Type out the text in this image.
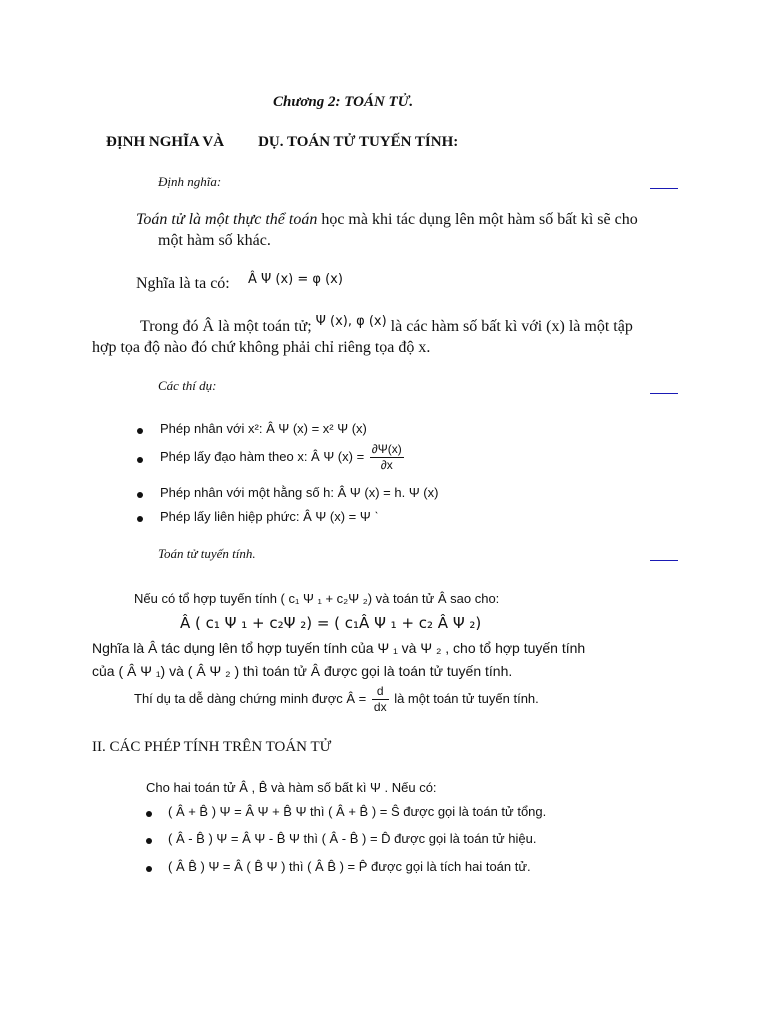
Chương 2: TOÁN TỬ.
ĐỊNH NGHĨA VÀ DỤ. TOÁN TỬ TUYẾN TÍNH:
Định nghĩa:
Toán tử là một thực thể toán học mà khi tác dụng lên một hàm số bất kì sẽ cho
một hàm số khác.
Nghĩa là ta có: Â Ψ (x) = φ (x)
Trong đó Â là một toán tử; $^{\Psi (x), \varphi (x)}$ là các hàm số bất kì với (x) là một tập
hợp tọa độ nào đó chứ không phải chỉ riêng tọa độ x.
Các thí dụ:
Phép nhân với x²: Â Ψ (x) = x² Ψ (x)
Phép lấy đạo hàm theo x: Â Ψ $(x) = \frac{\partial\Psi(x)}{\partial x}$
Phép nhân với một hằng số h: Â Ψ (x) = h. Ψ (x)
Phép lấy liên hiệp phức: Â Ψ (x) = Ψ ˋ
Toán tử tuyến tính.
Nếu có tổ hợp tuyến tính ( c₁ Ψ ₁ + c₂Ψ ₂) và toán tử Â sao cho:
Â ( c₁ Ψ ₁ + c₂Ψ ₂) = ( c₁Â Ψ ₁ + c₂ Â Ψ ₂)
Nghĩa là Â tác dụng lên tổ hợp tuyến tính của Ψ ₁ và Ψ ₂ , cho tổ hợp tuyến tính
của ( Â Ψ ₁) và ( Â Ψ ₂ ) thì toán tử Â được gọi là toán tử tuyến tính.
Thí dụ ta dễ dàng chứng minh được Â = $\frac{d}{dx}$ là một toán tử tuyến tính.
II. CÁC PHÉP TÍNH TRÊN TOÁN TỬ
Cho hai toán tử Â , B̂ và hàm số bất kì Ψ . Nếu có:
( Â + B̂ ) Ψ = Â Ψ + B̂ Ψ thì ( Â + B̂ ) = Ŝ được gọi là toán tử tổng.
( Â - B̂ ) Ψ = Â Ψ - B̂ Ψ thì ( Â - B̂ ) = D̂ được gọi là toán tử hiệu.
( Â B̂ ) Ψ = Â ( B̂ Ψ ) thì ( Â B̂ ) = P̂ được gọi là tích hai toán tử.
